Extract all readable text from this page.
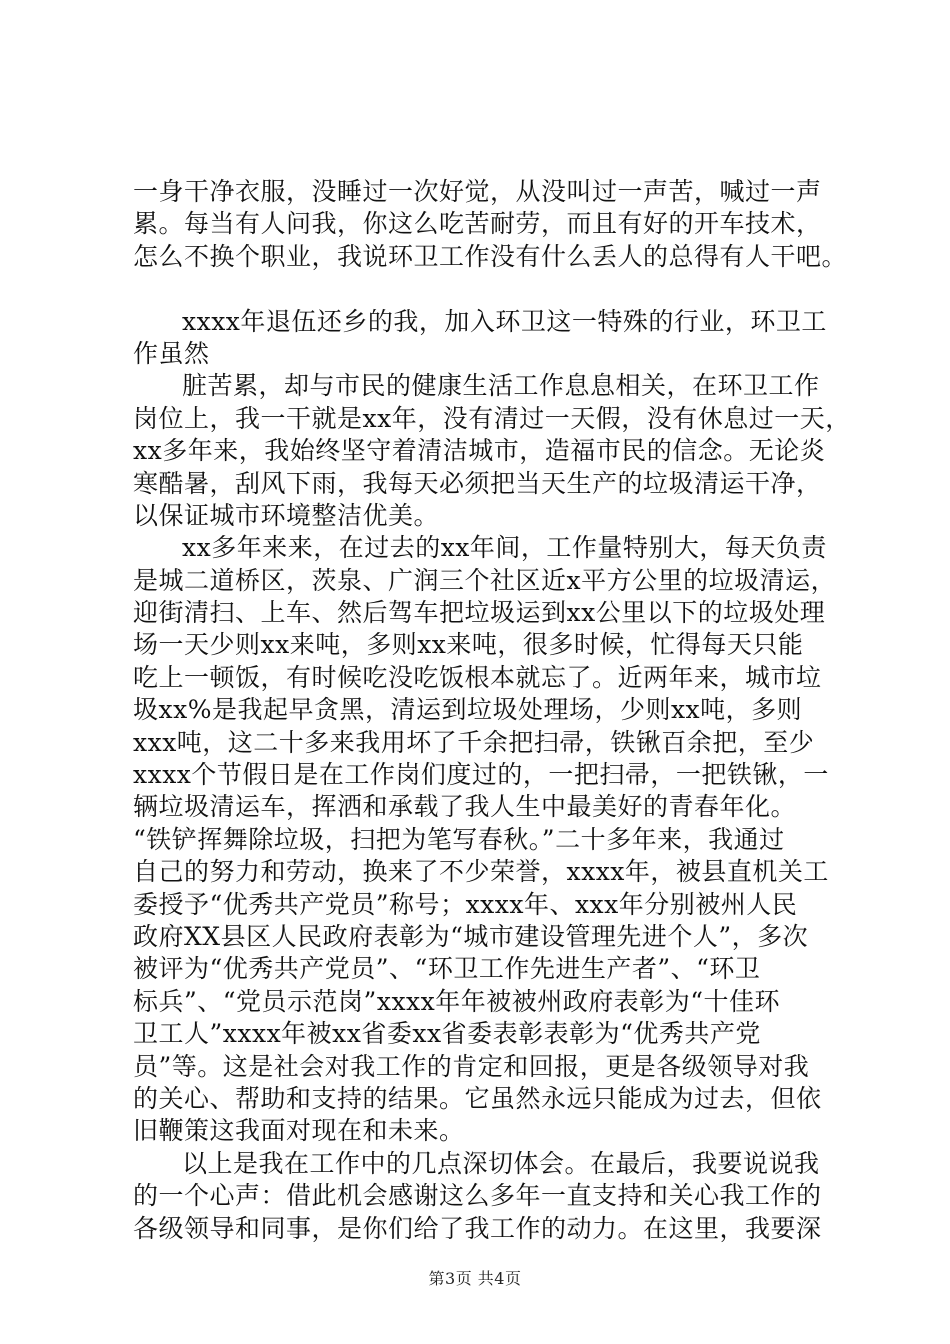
一身干净衣服，没睡过一次好觉，从没叫过一声苦，喊过一声
累。每当有人问我，你这么吃苦耐劳，而且有好的开车技术，
怎么不换个职业，我说环卫工作没有什么丢人的总得有人干吧。
xxxx年退伍还乡的我，加入环卫这一特殊的行业，环卫工
作虽然
脏苦累，却与市民的健康生活工作息息相关，在环卫工作
岗位上，我一干就是xx年，没有清过一天假，没有休息过一天，
xx多年来，我始终坚守着清洁城市，造福市民的信念。无论炎
寒酷暑，刮风下雨，我每天必须把当天生产的垃圾清运干净，
以保证城市环境整洁优美。
xx多年来来，在过去的xx年间，工作量特别大，每天负责
是城二道桥区，茨泉、广润三个社区近x平方公里的垃圾清运，
迎街清扫、上车、然后驾车把垃圾运到xx公里以下的垃圾处理
场一天少则xx来吨，多则xx来吨，很多时候，忙得每天只能
吃上一顿饭，有时候吃没吃饭根本就忘了。近两年来，城市垃
圾xx%是我起早贪黑，清运到垃圾处理场，少则xx吨，多则
xxx吨，这二十多来我用坏了千余把扫帚，铁锹百余把，至少
xxxx个节假日是在工作岗们度过的，一把扫帚，一把铁锹，一
辆垃圾清运车，挥洒和承载了我人生中最美好的青春年化。
“铁铲挥舞除垃圾，扫把为笔写春秋。”二十多年来，我通过
自己的努力和劳动，换来了不少荣誉，xxxx年，被县直机关工
委授予“优秀共产党员”称号；xxxx年、xxx年分别被州人民
政府XX县区人民政府表彰为“城市建设管理先进个人”，多次
被评为“优秀共产党员”、“环卫工作先进生产者”、“环卫
标兵”、“党员示范岗”xxxx年年被被州政府表彰为“十佳环
卫工人”xxxx年被xx省委xx省委表彰表彰为“优秀共产党
员”等。这是社会对我工作的肯定和回报，更是各级领导对我
的关心、帮助和支持的结果。它虽然永远只能成为过去，但依
旧鞭策这我面对现在和未来。
以上是我在工作中的几点深切体会。在最后，我要说说我
的一个心声：借此机会感谢这么多年一直支持和关心我工作的
各级领导和同事，是你们给了我工作的动力。在这里，我要深
第3页 共4页
